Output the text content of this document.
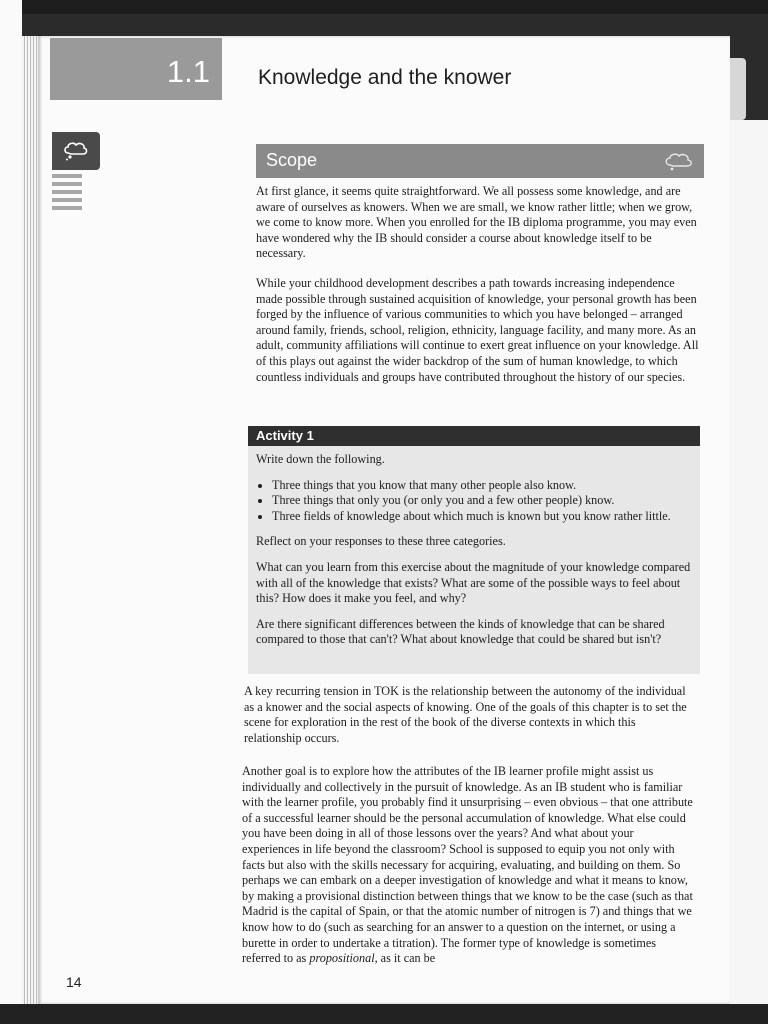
1.1	Knowledge and the knower
Scope

At first glance, it seems quite straightforward. We all possess some knowledge, and are aware of ourselves as knowers. When we are small, we know rather little; when we grow, we come to know more. When you enrolled for the IB diploma programme, you may even have wondered why the IB should consider a course about knowledge itself to be necessary.

While your childhood development describes a path towards increasing independence made possible through sustained acquisition of knowledge, your personal growth has been forged by the influence of various communities to which you have belonged – arranged around family, friends, school, religion, ethnicity, language facility, and many more. As an adult, community affiliations will continue to exert great influence on your knowledge. All of this plays out against the wider backdrop of the sum of human knowledge, to which countless individuals and groups have contributed throughout the history of our species.

Activity 1

Write down the following.

• Three things that you know that many other people also know.
• Three things that only you (or only you and a few other people) know.
• Three fields of knowledge about which much is known but you know rather little.

Reflect on your responses to these three categories.

What can you learn from this exercise about the magnitude of your knowledge compared with all of the knowledge that exists? What are some of the possible ways to feel about this? How does it make you feel, and why?

Are there significant differences between the kinds of knowledge that can be shared compared to those that can't? What about knowledge that could be shared but isn't?

A key recurring tension in TOK is the relationship between the autonomy of the individual as a knower and the social aspects of knowing. One of the goals of this chapter is to set the scene for exploration in the rest of the book of the diverse contexts in which this relationship occurs.

Another goal is to explore how the attributes of the IB learner profile might assist us individually and collectively in the pursuit of knowledge. As an IB student who is familiar with the learner profile, you probably find it unsurprising – even obvious – that one attribute of a successful learner should be the personal accumulation of knowledge. What else could you have been doing in all of those lessons over the years? And what about your experiences in life beyond the classroom? School is supposed to equip you not only with facts but also with the skills necessary for acquiring, evaluating, and building on them. So perhaps we can embark on a deeper investigation of knowledge and what it means to know, by making a provisional distinction between things that we know to be the case (such as that Madrid is the capital of Spain, or that the atomic number of nitrogen is 7) and things that we know how to do (such as searching for an answer to a question on the internet, or using a burette in order to undertake a titration). The former type of knowledge is sometimes referred to as propositional, as it can be

14
